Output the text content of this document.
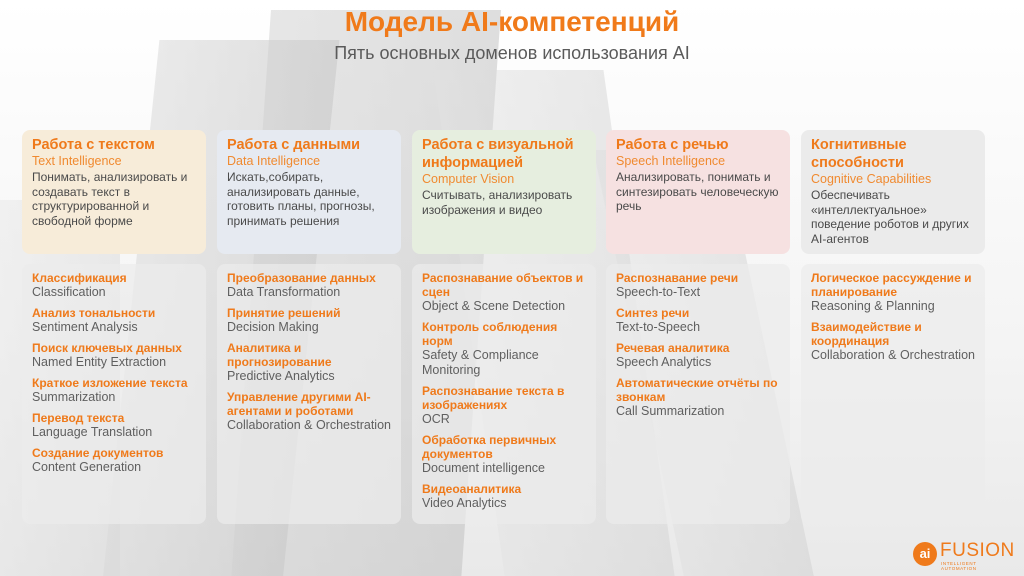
Модель AI-компетенций
Пять основных доменов использования AI
Работа с текстом
Text Intelligence
Понимать, анализировать и создавать текст в структурированной и свободной форме
Классификация
Classification
Анализ тональности
Sentiment Analysis
Поиск ключевых данных
Named Entity Extraction
Краткое изложение текста
Summarization
Перевод текста
Language Translation
Создание документов
Content Generation
Работа с данными
Data Intelligence
Искать,собирать, анализировать данные, готовить планы, прогнозы, принимать решения
Преобразование данных
Data Transformation
Принятие решений
Decision Making
Аналитика и прогнозирование
Predictive Analytics
Управление другими AI-агентами и роботами
Collaboration & Orchestration
Работа с визуальной информацией
Computer Vision
Считывать, анализировать изображения и видео
Распознавание объектов и сцен
Object & Scene Detection
Контроль соблюдения норм
Safety & Compliance Monitoring
Распознавание текста в изображениях
OCR
Обработка первичных документов
Document intelligence
Видеоаналитика
Video Analytics
Работа с речью
Speech Intelligence
Анализировать, понимать и синтезировать человеческую речь
Распознавание речи
Speech-to-Text
Синтез речи
Text-to-Speech
Речевая аналитика
Speech Analytics
Автоматические отчёты по звонкам
Call Summarization
Когнитивные способности
Cognitive Capabilities
Обеспечивать «интеллектуальное» поведение роботов и других AI-агентов
Логическое рассуждение и планирование
Reasoning & Planning
Взаимодействие и координация
Collaboration & Orchestration
ai FUSION
INTELLIGENT AUTOMATION
